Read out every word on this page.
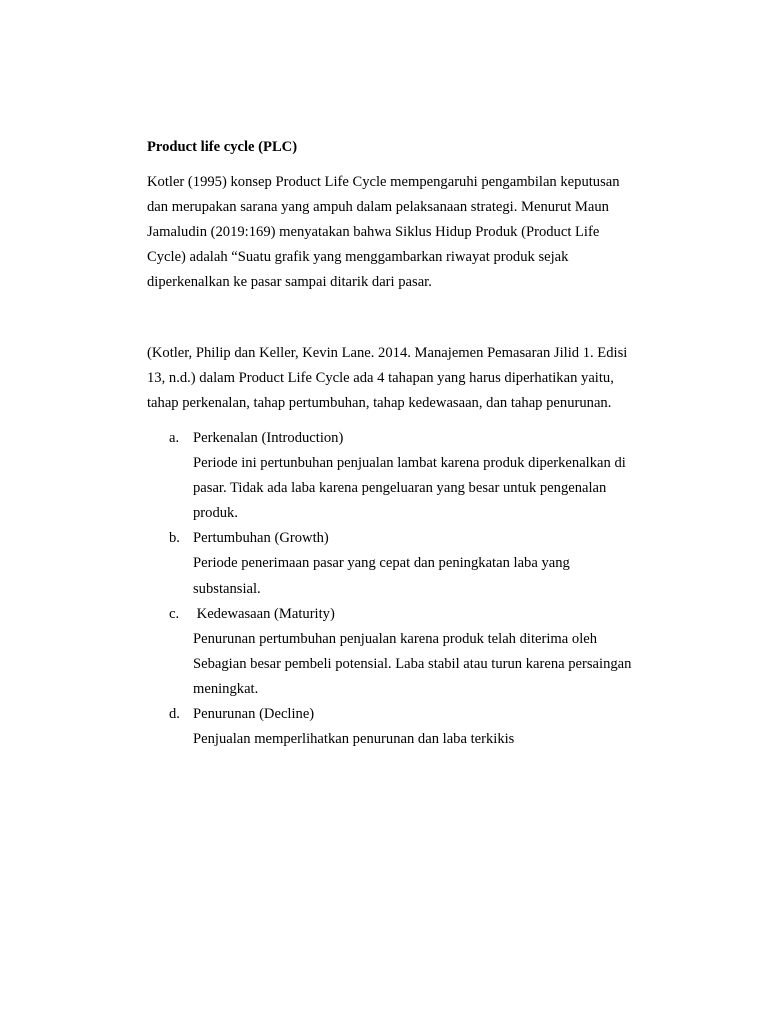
Product life cycle (PLC)
Kotler (1995) konsep Product Life Cycle mempengaruhi pengambilan keputusan
dan merupakan sarana yang ampuh dalam pelaksanaan strategi. Menurut Maun
Jamaludin (2019:169) menyatakan bahwa Siklus Hidup Produk (Product Life
Cycle) adalah “Suatu grafik yang menggambarkan riwayat produk sejak
diperkenalkan ke pasar sampai ditarik dari pasar.
(Kotler, Philip dan Keller, Kevin Lane. 2014. Manajemen Pemasaran Jilid 1. Edisi
13, n.d.) dalam Product Life Cycle ada 4 tahapan yang harus diperhatikan yaitu,
tahap perkenalan, tahap pertumbuhan, tahap kedewasaan, dan tahap penurunan.
a. Perkenalan (Introduction)
Periode ini pertunbuhan penjualan lambat karena produk diperkenalkan di
pasar. Tidak ada laba karena pengeluaran yang besar untuk pengenalan
produk.
b. Pertumbuhan (Growth)
Periode penerimaan pasar yang cepat dan peningkatan laba yang
substansial.
c. Kedewasaan (Maturity)
Penurunan pertumbuhan penjualan karena produk telah diterima oleh
Sebagian besar pembeli potensial. Laba stabil atau turun karena persaingan
meningkat.
d. Penurunan (Decline)
Penjualan memperlihatkan penurunan dan laba terkikis
